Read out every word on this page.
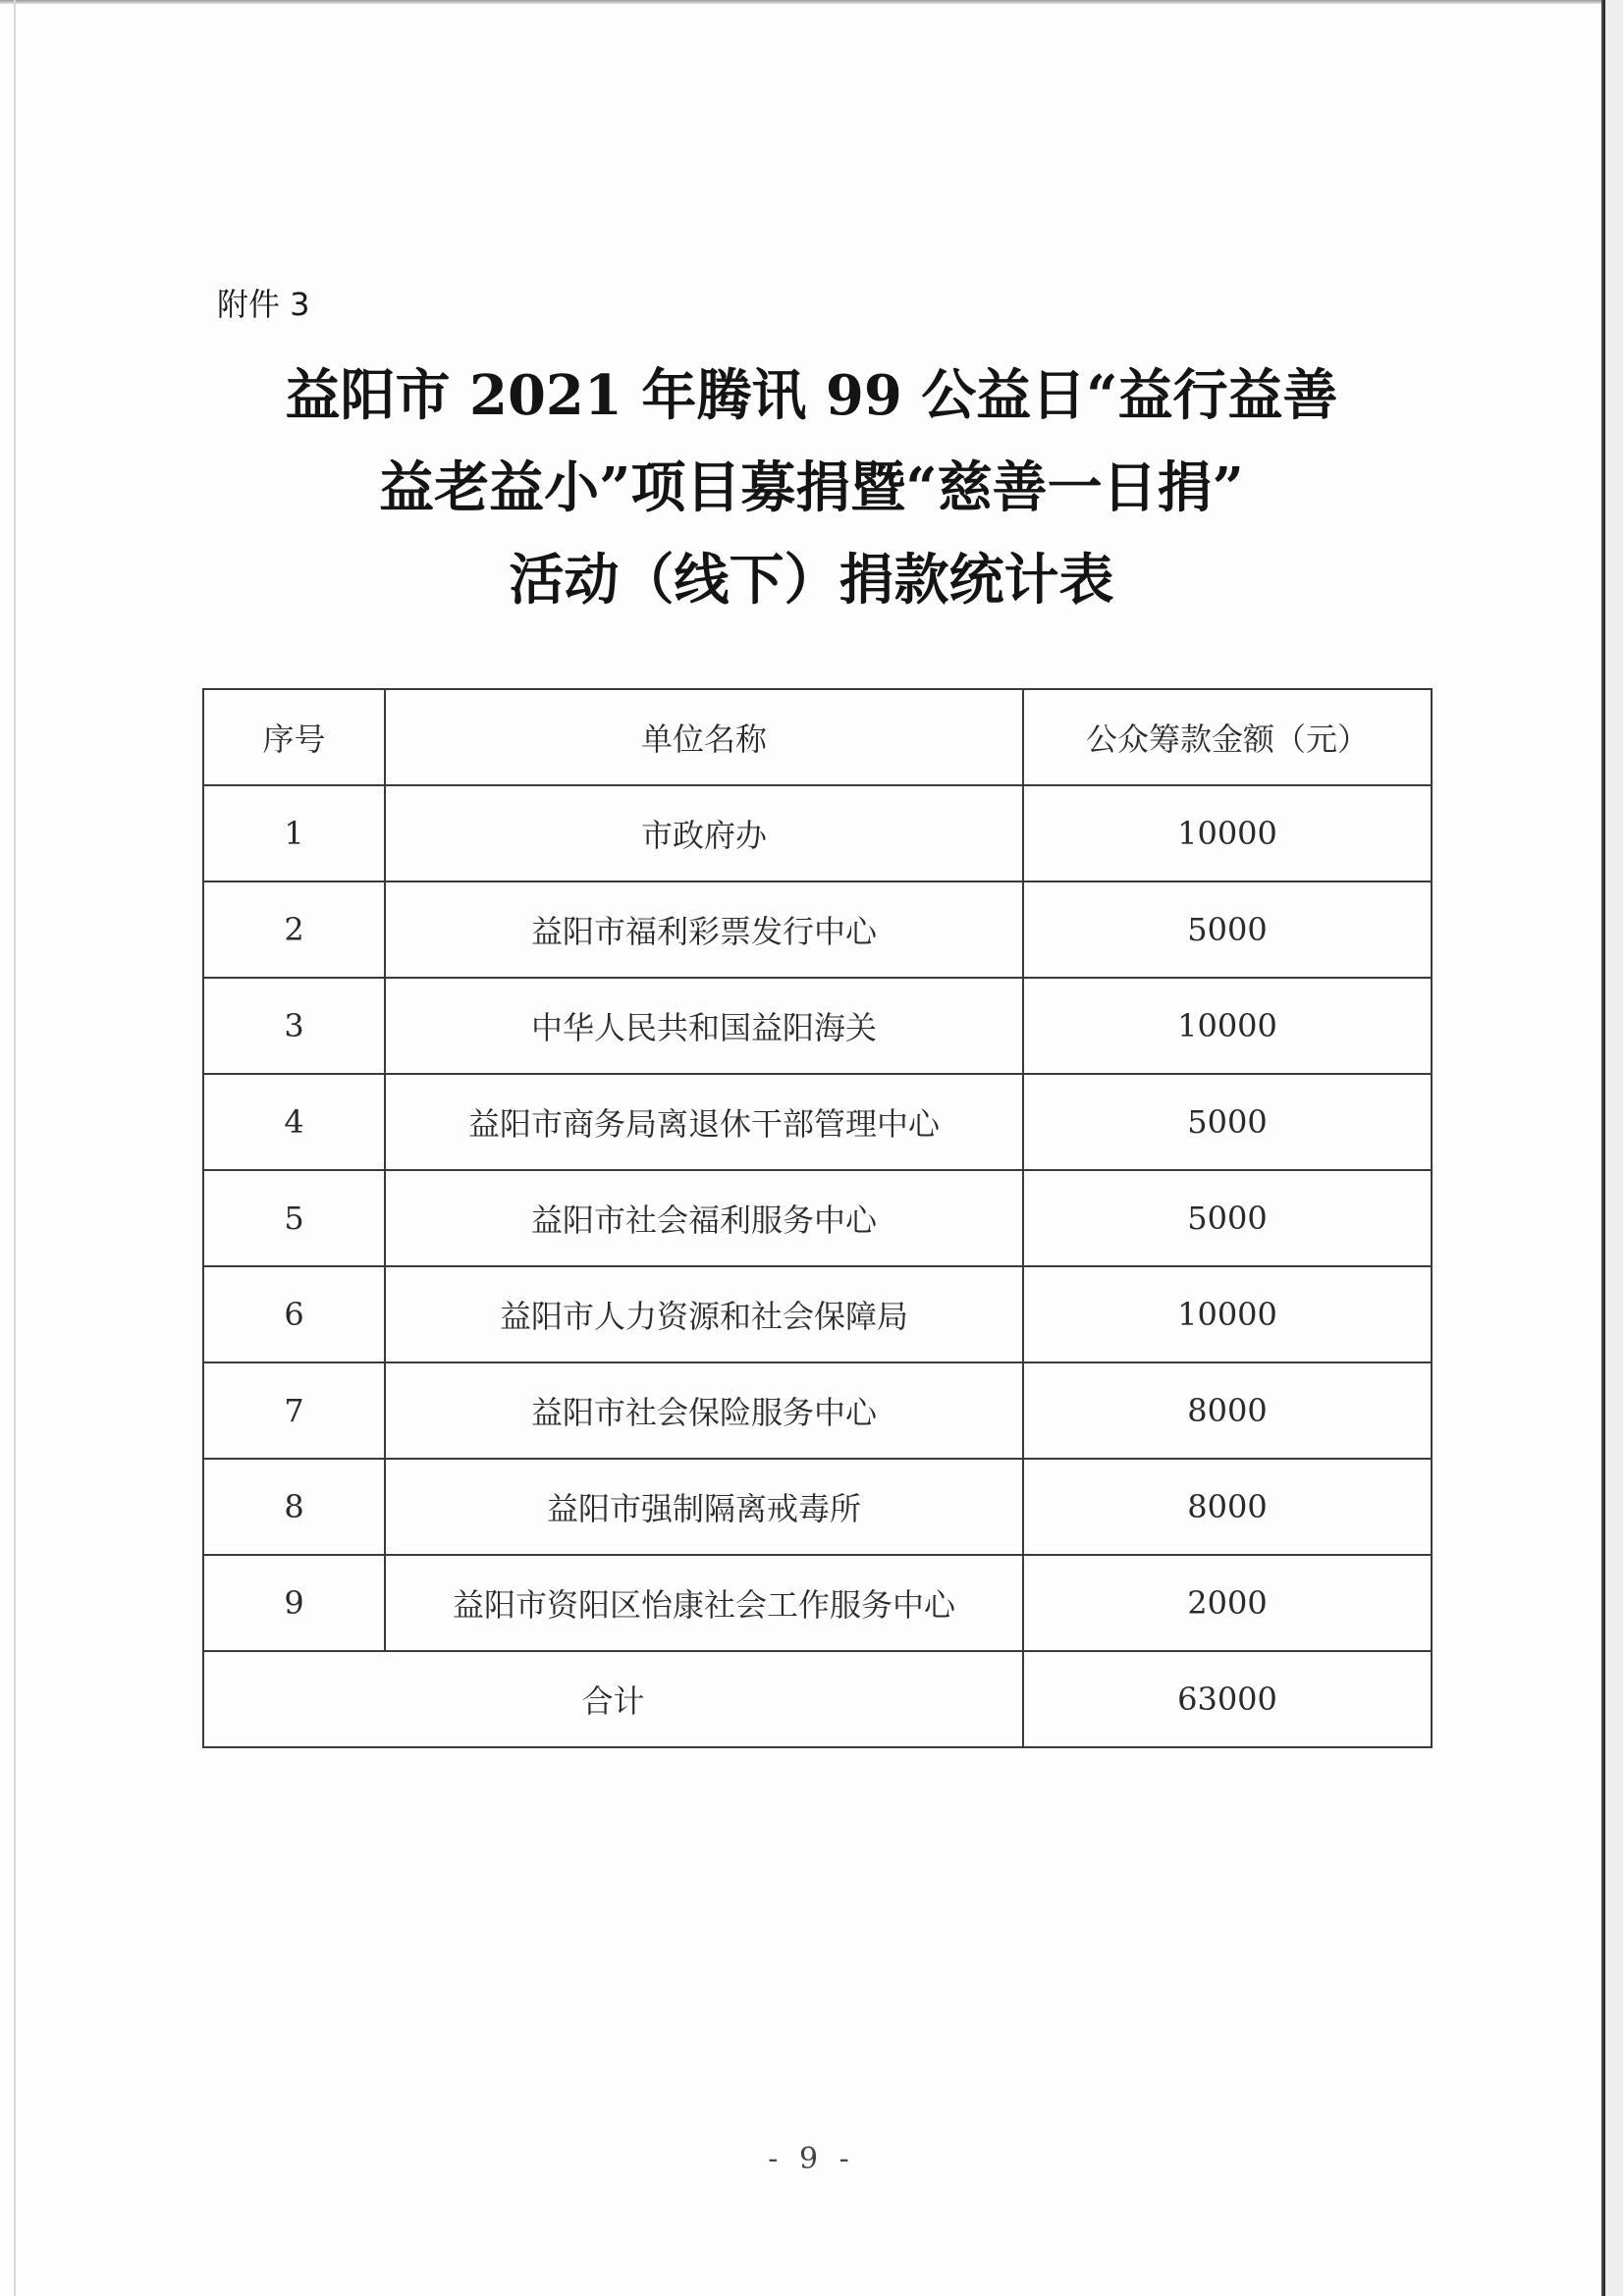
附件 3
益阳市 2021 年腾讯 99 公益日“益行益善
益老益小”项目募捐暨“慈善一日捐”
活动（线下）捐款统计表
序号	单位名称	公众筹款金额（元）
1	市政府办	10000
2	益阳市福利彩票发行中心	5000
3	中华人民共和国益阳海关	10000
4	益阳市商务局离退休干部管理中心	5000
5	益阳市社会福利服务中心	5000
6	益阳市人力资源和社会保障局	10000
7	益阳市社会保险服务中心	8000
8	益阳市强制隔离戒毒所	8000
9	益阳市资阳区怡康社会工作服务中心	2000
合计		63000
- 9 -
